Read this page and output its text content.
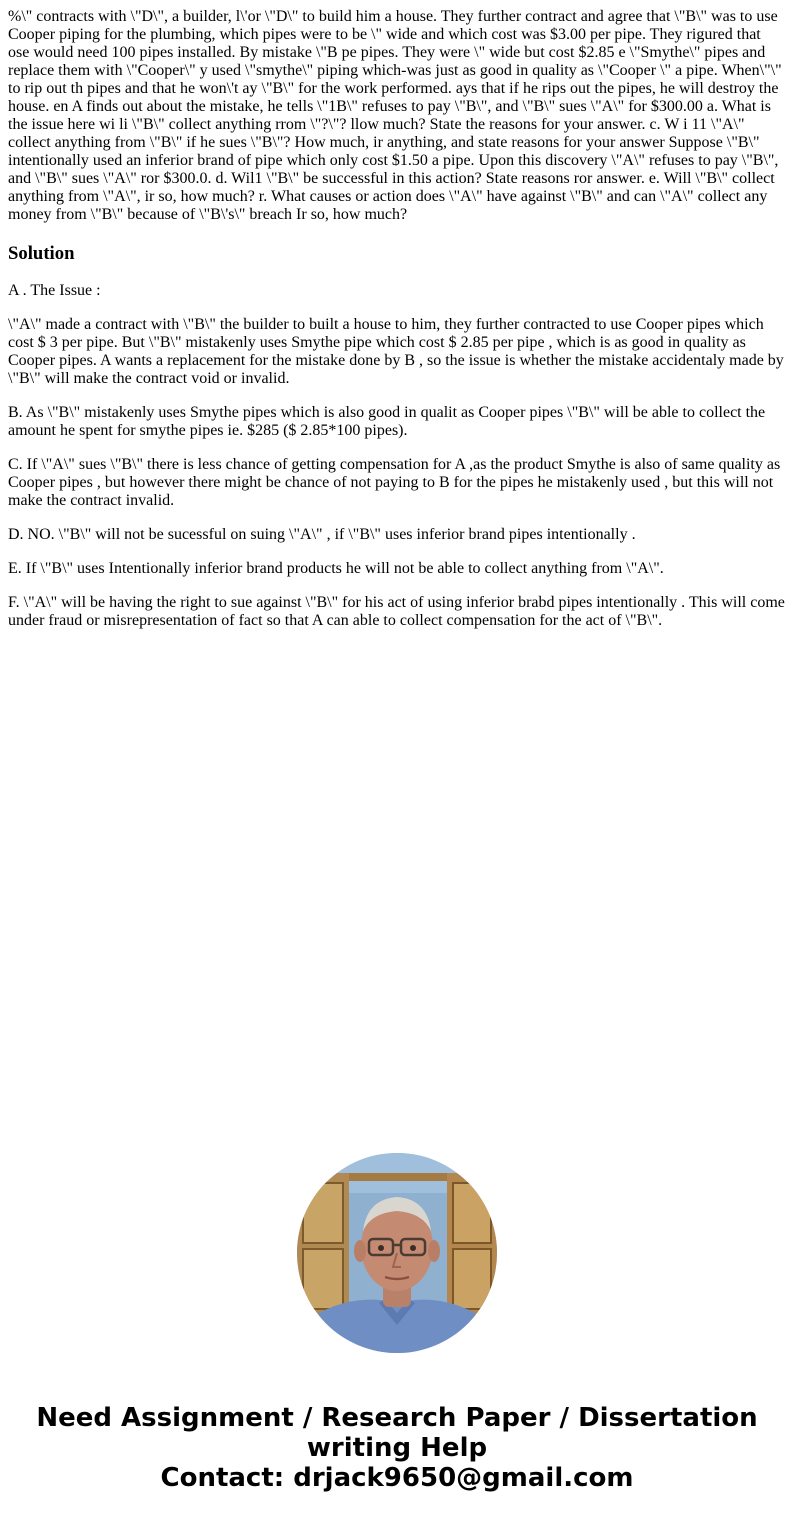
%\" contracts with \"D\", a builder, l\'or \"D\" to build him a house. They further contract and agree that \"B\" was to use Cooper piping for the plumbing, which pipes were to be \" wide and which cost was $3.00 per pipe. They rigured that ose would need 100 pipes installed. By mistake \"B pe pipes. They were \" wide but cost $2.85 e \"Smythe\" pipes and replace them with \"Cooper\" y used \"smythe\" piping which-was just as good in quality as \"Cooper \" a pipe. When\"\" to rip out th pipes and that he won\'t ay \"B\" for the work performed. ays that if he rips out the pipes, he will destroy the house. en A finds out about the mistake, he tells \"1B\" refuses to pay \"B\", and \"B\" sues \"A\" for $300.00 a. What is the issue here wi li \"B\" collect anything rrom \"?\"? llow much? State the reasons for your answer. c. W i 11 \"A\" collect anything from \"B\" if he sues \"B\"? How much, ir anything, and state reasons for your answer Suppose \"B\" intentionally used an inferior brand of pipe which only cost $1.50 a pipe. Upon this discovery \"A\" refuses to pay \"B\", and \"B\" sues \"A\" ror $300.0. d. Wil1 \"B\" be successful in this action? State reasons ror answer. e. Will \"B\" collect anything from \"A\", ir so, how much? r. What causes or action does \"A\" have against \"B\" and can \"A\" collect any money from \"B\" because of \"B\'s\" breach Ir so, how much?

Solution

A . The Issue :

\"A\" made a contract with \"B\" the builder to built a house to him, they further contracted to use Cooper pipes which cost $ 3 per pipe. But \"B\" mistakenly uses Smythe pipe which cost $ 2.85 per pipe , which is as good in quality as Cooper pipes. A wants a replacement for the mistake done by B , so the issue is whether the mistake accidentaly made by \"B\" will make the contract void or invalid.

B. As \"B\" mistakenly uses Smythe pipes which is also good in qualit as Cooper pipes \"B\" will be able to collect the amount he spent for smythe pipes ie. $285 ($ 2.85*100 pipes).

C. If \"A\" sues \"B\" there is less chance of getting compensation for A ,as the product Smythe is also of same quality as Cooper pipes , but however there might be chance of not paying to B for the pipes he mistakenly used , but this will not make the contract invalid.

D. NO. \"B\" will not be sucessful on suing \"A\" , if \"B\" uses inferior brand pipes intentionally .

E. If \"B\" uses Intentionally inferior brand products he will not be able to collect anything from \"A\".

F. \"A\" will be having the right to sue against \"B\" for his act of using inferior brabd pipes intentionally . This will come under fraud or misrepresentation of fact so that A can able to collect compensation for the act of \"B\".

Need Assignment / Research Paper / Dissertation
writing Help
Contact: drjack9650@gmail.com
